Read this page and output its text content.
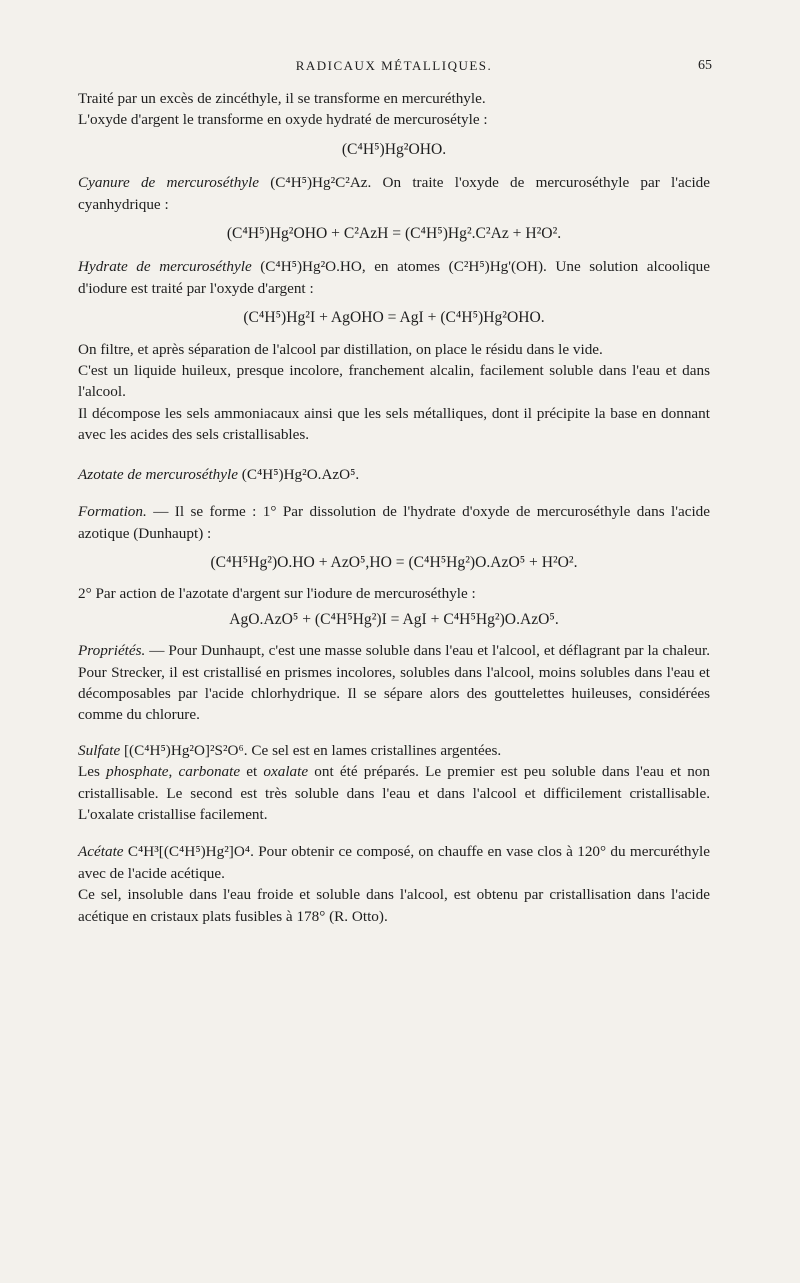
RADICAUX MÉTALLIQUES.	65

Traité par un excès de zincéthyle, il se transforme en mercuréthyle.

L'oxyde d'argent le transforme en oxyde hydraté de mercurosétyle :

(C⁴H⁵)Hg²OHO.

Cyanure de mercuroséthyle (C⁴H⁵)Hg²C²Az. On traite l'oxyde de mercuroséthyle par l'acide cyanhydrique :

(C⁴H⁵)Hg²OHO + C²AzH = (C⁴H⁵)Hg².C²Az + H²O².

Hydrate de mercuroséthyle (C⁴H⁵)Hg²O.HO, en atomes (C²H⁵)Hg'(OH). Une solution alcoolique d'iodure est traité par l'oxyde d'argent :

(C⁴H⁵)Hg²I + AgOHO = AgI + (C⁴H⁵)Hg²OHO.

On filtre, et après séparation de l'alcool par distillation, on place le résidu dans le vide.

C'est un liquide huileux, presque incolore, franchement alcalin, facilement soluble dans l'eau et dans l'alcool.

Il décompose les sels ammoniacaux ainsi que les sels métalliques, dont il précipite la base en donnant avec les acides des sels cristallisables.

Azotate de mercuroséthyle (C⁴H⁵)Hg²O.AzO⁵.

Formation. — Il se forme : 1° Par dissolution de l'hydrate d'oxyde de mercuroséthyle dans l'acide azotique (Dunhaupt) :

(C⁴H⁵Hg²)O.HO + AzO⁵,HO = (C⁴H⁵Hg²)O.AzO⁵ + H²O².

2° Par action de l'azotate d'argent sur l'iodure de mercuroséthyle :

AgO.AzO⁵ + (C⁴H⁵Hg²)I = AgI + C⁴H⁵Hg²)O.AzO⁵.

Propriétés. — Pour Dunhaupt, c'est une masse soluble dans l'eau et l'alcool, et déflagrant par la chaleur. Pour Strecker, il est cristallisé en prismes incolores, solubles dans l'alcool, moins solubles dans l'eau et décomposables par l'acide chlorhydrique. Il se sépare alors des gouttelettes huileuses, considérées comme du chlorure.

Sulfate [(C⁴H⁵)Hg²O]²S²O⁶. Ce sel est en lames cristallines argentées.

Les phosphate, carbonate et oxalate ont été préparés. Le premier est peu soluble dans l'eau et non cristallisable. Le second est très soluble dans l'eau et dans l'alcool et difficilement cristallisable. L'oxalate cristallise facilement.

Acétate C⁴H³[(C⁴H⁵)Hg²]O⁴. Pour obtenir ce composé, on chauffe en vase clos à 120° du mercuréthyle avec de l'acide acétique.

Ce sel, insoluble dans l'eau froide et soluble dans l'alcool, est obtenu par cristallisation dans l'acide acétique en cristaux plats fusibles à 178° (R. Otto).
